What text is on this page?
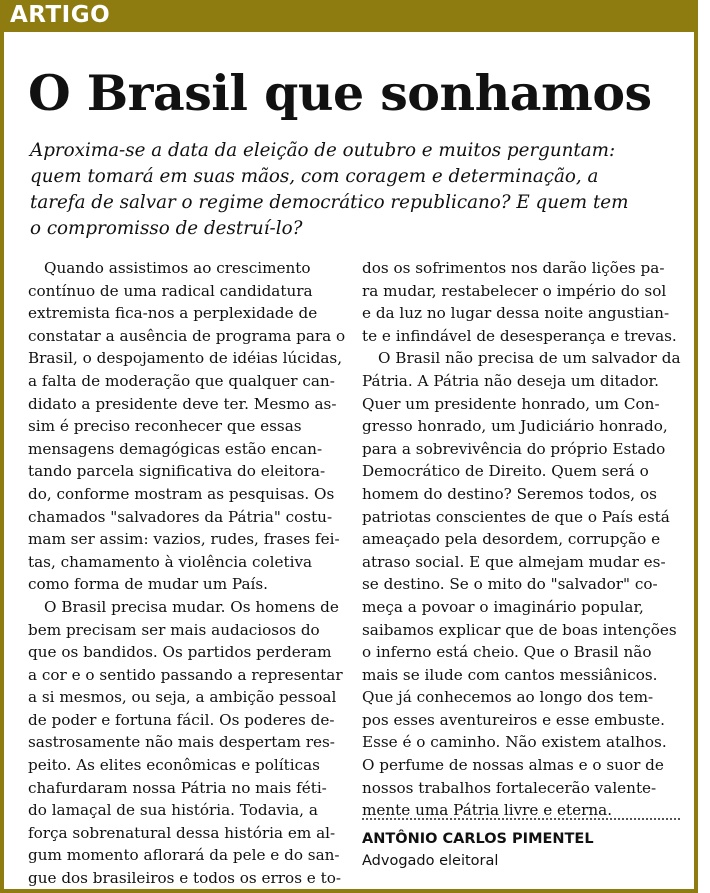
ARTIGO
O Brasil que sonhamos
Aproxima-se a data da eleição de outubro e muitos perguntam:
quem tomará em suas mãos, com coragem e determinação, a
tarefa de salvar o regime democrático republicano? E quem tem
o compromisso de destruí-lo?
Quando assistimos ao crescimento
contínuo de uma radical candidatura
extremista fica-nos a perplexidade de
constatar a ausência de programa para o
Brasil, o despojamento de idéias lúcidas,
a falta de moderação que qualquer can-
didato a presidente deve ter. Mesmo as-
sim é preciso reconhecer que essas
mensagens demagógicas estão encan-
tando parcela significativa do eleitora-
do, conforme mostram as pesquisas. Os
chamados "salvadores da Pátria" costu-
mam ser assim: vazios, rudes, frases fei-
tas, chamamento à violência coletiva
como forma de mudar um País.
O Brasil precisa mudar. Os homens de
bem precisam ser mais audaciosos do
que os bandidos. Os partidos perderam
a cor e o sentido passando a representar
a si mesmos, ou seja, a ambição pessoal
de poder e fortuna fácil. Os poderes de-
sastrosamente não mais despertam res-
peito. As elites econômicas e políticas
chafurdaram nossa Pátria no mais féti-
do lamaçal de sua história. Todavia, a
força sobrenatural dessa história em al-
gum momento aflorará da pele e do san-
gue dos brasileiros e todos os erros e to-
dos os sofrimentos nos darão lições pa-
ra mudar, restabelecer o império do sol
e da luz no lugar dessa noite angustian-
te e infindável de desesperança e trevas.
O Brasil não precisa de um salvador da
Pátria. A Pátria não deseja um ditador.
Quer um presidente honrado, um Con-
gresso honrado, um Judiciário honrado,
para a sobrevivência do próprio Estado
Democrático de Direito. Quem será o
homem do destino? Seremos todos, os
patriotas conscientes de que o País está
ameaçado pela desordem, corrupção e
atraso social. E que almejam mudar es-
se destino. Se o mito do "salvador" co-
meça a povoar o imaginário popular,
saibamos explicar que de boas intenções
o inferno está cheio. Que o Brasil não
mais se ilude com cantos messiânicos.
Que já conhecemos ao longo dos tem-
pos esses aventureiros e esse embuste.
Esse é o caminho. Não existem atalhos.
O perfume de nossas almas e o suor de
nossos trabalhos fortalecerão valente-
mente uma Pátria livre e eterna.
ANTÔNIO CARLOS PIMENTEL
Advogado eleitoral
